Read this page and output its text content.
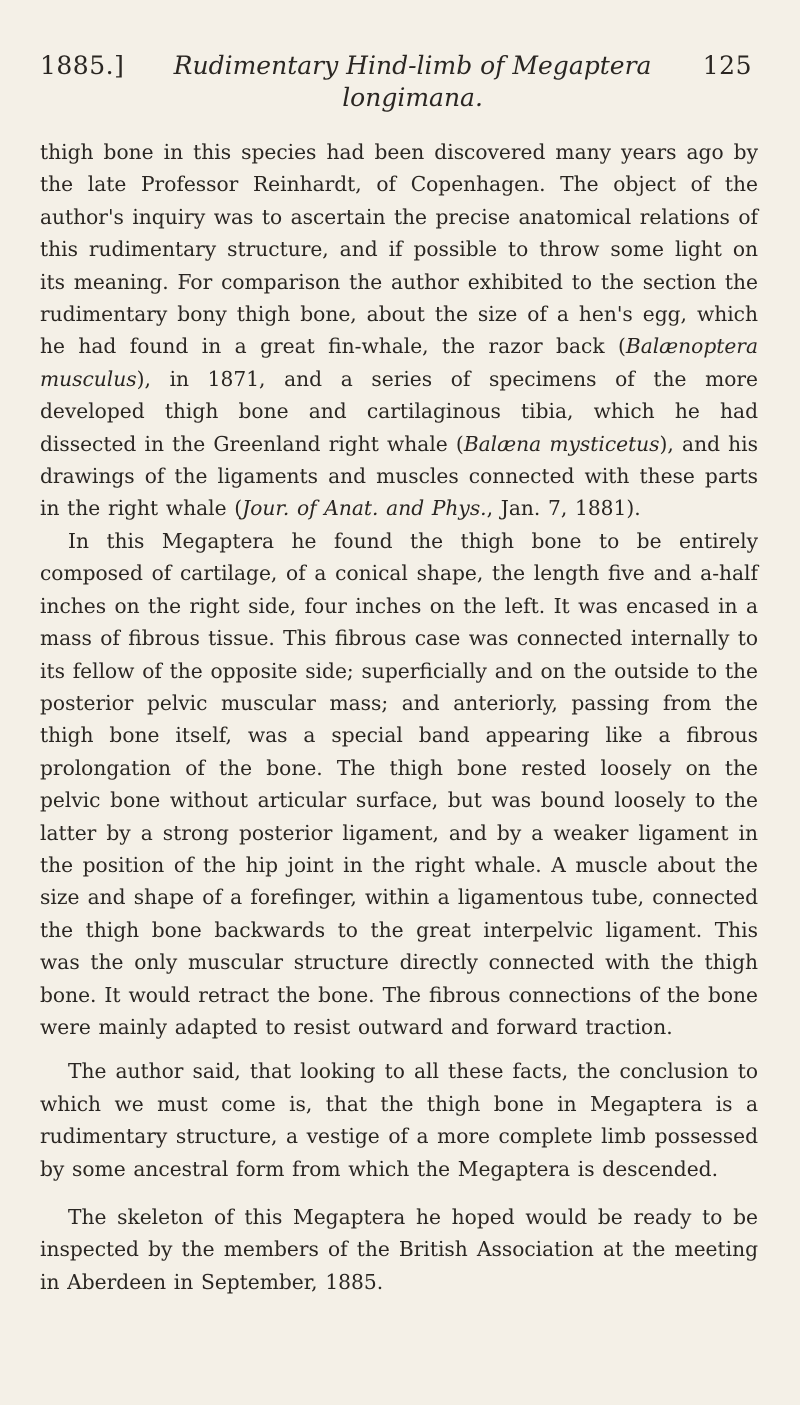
1885.]	Rudimentary Hind-limb of Megaptera longimana.
125

thigh bone in this species had been discovered many years ago by the late Professor Reinhardt, of Copenhagen. The object of the author's inquiry was to ascertain the precise anatomical relations of this rudimentary structure, and if possible to throw some light on its meaning. For comparison the author exhibited to the section the rudimentary bony thigh bone, about the size of a hen's egg, which he had found in a great fin-whale, the razor back (Balænoptera musculus), in 1871, and a series of specimens of the more developed thigh bone and cartilaginous tibia, which he had dissected in the Greenland right whale (Balæna mysticetus), and his drawings of the ligaments and muscles connected with these parts in the right whale (Jour. of Anat. and Phys., Jan. 7, 1881).

In this Megaptera he found the thigh bone to be entirely composed of cartilage, of a conical shape, the length five and a-half inches on the right side, four inches on the left. It was encased in a mass of fibrous tissue. This fibrous case was connected internally to its fellow of the opposite side; superficially and on the outside to the posterior pelvic muscular mass; and anteriorly, passing from the thigh bone itself, was a special band appearing like a fibrous prolongation of the bone. The thigh bone rested loosely on the pelvic bone without articular surface, but was bound loosely to the latter by a strong posterior ligament, and by a weaker ligament in the position of the hip joint in the right whale. A muscle about the size and shape of a forefinger, within a ligamentous tube, connected the thigh bone backwards to the great interpelvic ligament. This was the only muscular structure directly connected with the thigh bone. It would retract the bone. The fibrous connections of the bone were mainly adapted to resist outward and forward traction.

The author said, that looking to all these facts, the conclusion to which we must come is, that the thigh bone in Megaptera is a rudimentary structure, a vestige of a more complete limb possessed by some ancestral form from which the Megaptera is descended.

The skeleton of this Megaptera he hoped would be ready to be inspected by the members of the British Association at the meeting in Aberdeen in September, 1885.
